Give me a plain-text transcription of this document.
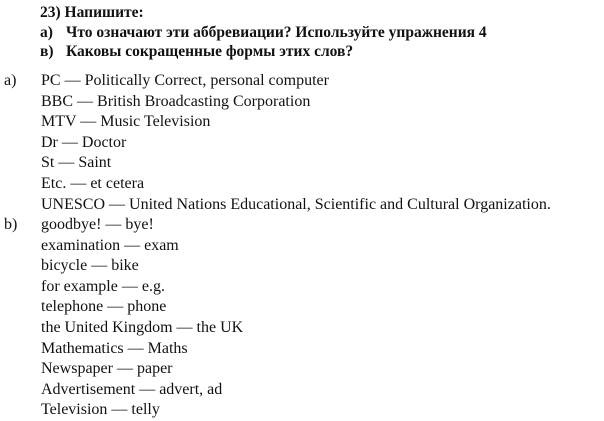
23) Напишите:
а) Что означают эти аббревиации? Используйте упражнения 4
в) Каковы сокращенные формы этих слов?
a) PC — Politically Correct, personal computer
BBC — British Broadcasting Corporation
MTV — Music Television
Dr — Doctor
St — Saint
Etc. — et cetera
UNESCO — United Nations Educational, Scientific and Cultural Organization.
b) goodbye! — bye!
examination — exam
bicycle — bike
for example — e.g.
telephone — phone
the United Kingdom — the UK
Mathematics — Maths
Newspaper — paper
Advertisement — advert, ad
Television — telly
